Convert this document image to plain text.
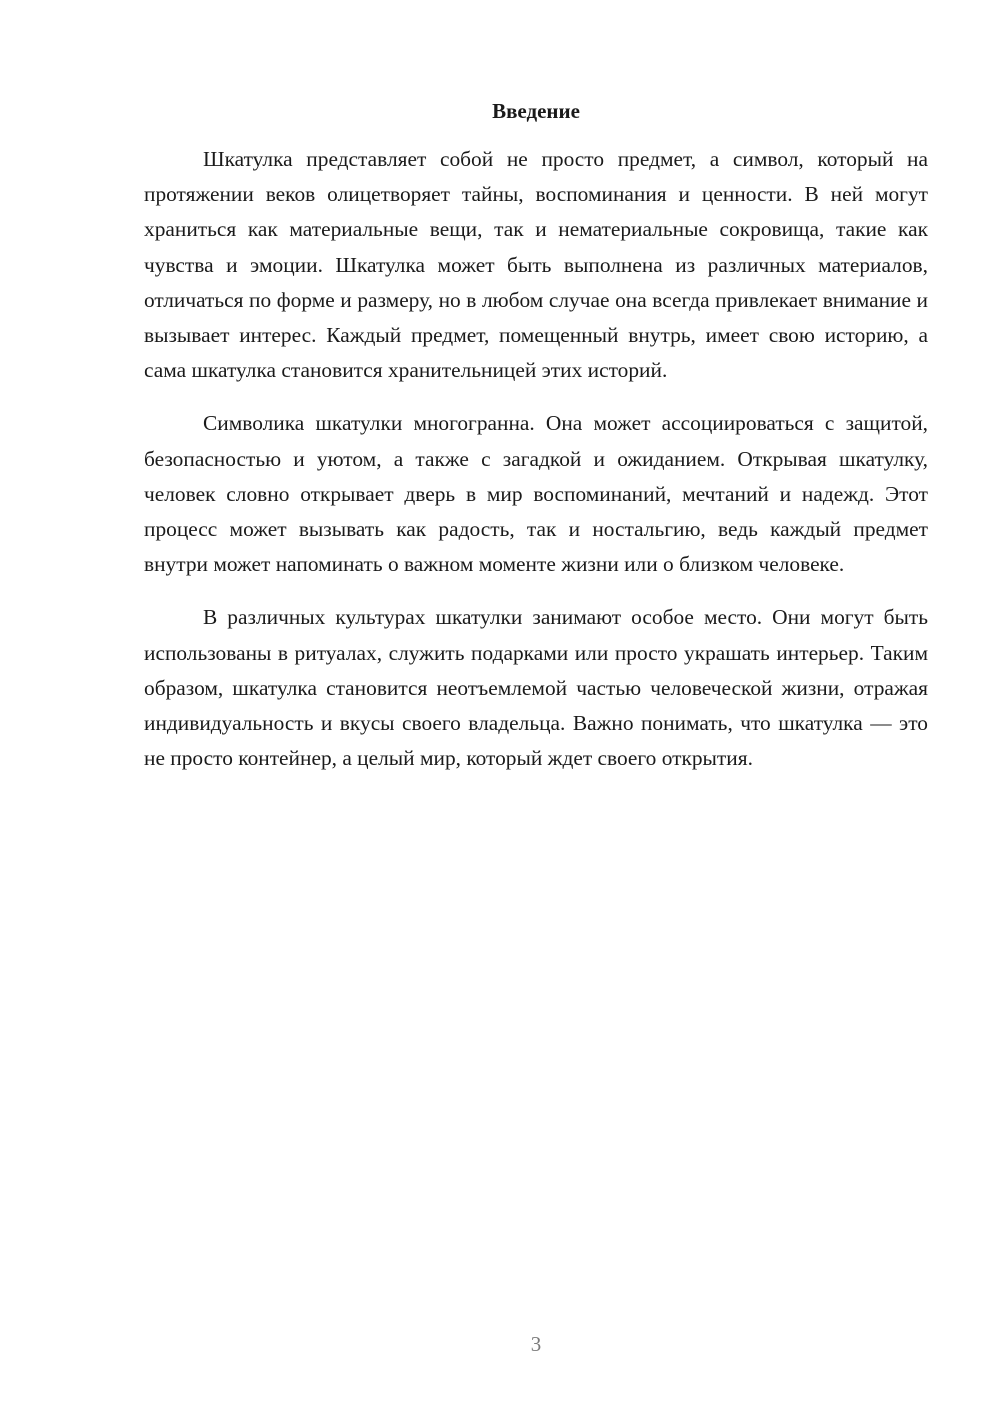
Введение

Шкатулка представляет собой не просто предмет, а символ, который на протяжении веков олицетворяет тайны, воспоминания и ценности. В ней могут храниться как материальные вещи, так и нематериальные сокровища, такие как чувства и эмоции. Шкатулка может быть выполнена из различных материалов, отличаться по форме и размеру, но в любом случае она всегда привлекает внимание и вызывает интерес. Каждый предмет, помещенный внутрь, имеет свою историю, а сама шкатулка становится хранительницей этих историй.

Символика шкатулки многогранна. Она может ассоциироваться с защитой, безопасностью и уютом, а также с загадкой и ожиданием. Открывая шкатулку, человек словно открывает дверь в мир воспоминаний, мечтаний и надежд. Этот процесс может вызывать как радость, так и ностальгию, ведь каждый предмет внутри может напоминать о важном моменте жизни или о близком человеке.

В различных культурах шкатулки занимают особое место. Они могут быть использованы в ритуалах, служить подарками или просто украшать интерьер. Таким образом, шкатулка становится неотъемлемой частью человеческой жизни, отражая индивидуальность и вкусы своего владельца. Важно понимать, что шкатулка — это не просто контейнер, а целый мир, который ждет своего открытия.

3
